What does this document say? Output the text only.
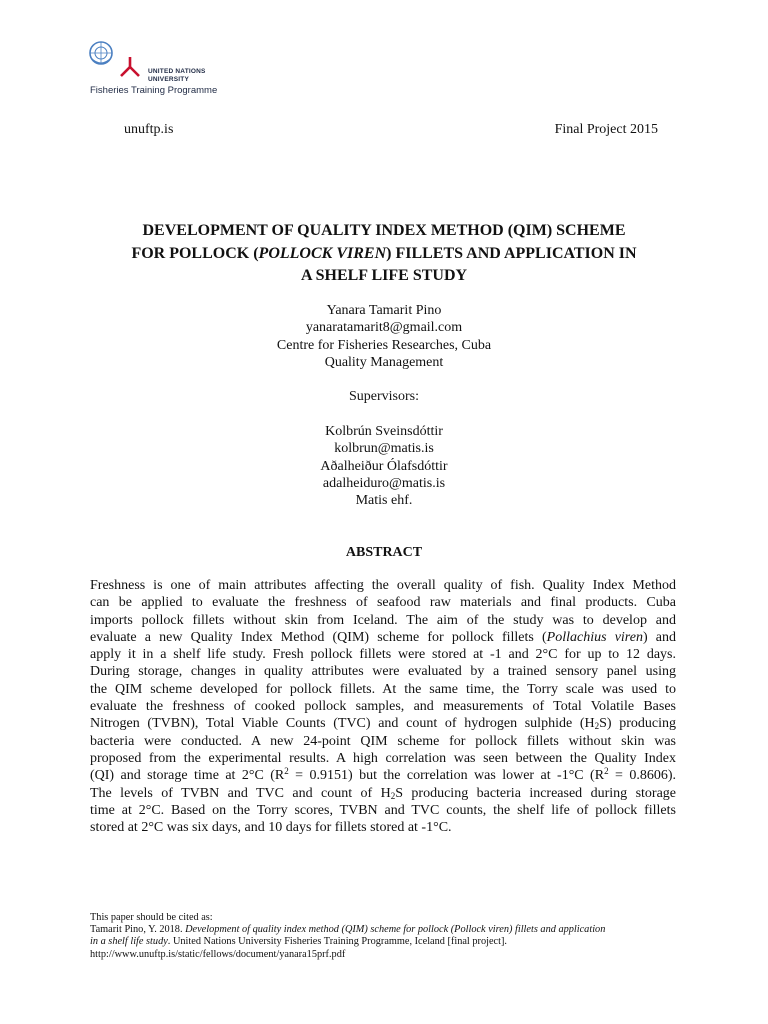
UNITED NATIONS
UNIVERSITY
Fisheries Training Programme
unuftp.is	Final Project 2015
DEVELOPMENT OF QUALITY INDEX METHOD (QIM) SCHEME
FOR POLLOCK (POLLOCK VIREN) FILLETS AND APPLICATION IN
A SHELF LIFE STUDY
Yanara Tamarit Pino
yanaratamarit8@gmail.com
Centre for Fisheries Researches, Cuba
Quality Management
Supervisors:
Kolbrún Sveinsdóttir
kolbrun@matis.is
Aðalheiður Ólafsdóttir
adalheiduro@matis.is
Matis ehf.
ABSTRACT
Freshness is one of main attributes affecting the overall quality of fish. Quality Index Method
can be applied to evaluate the freshness of seafood raw materials and final products. Cuba
imports pollock fillets without skin from Iceland. The aim of the study was to develop and
evaluate a new Quality Index Method (QIM) scheme for pollock fillets (Pollachius viren) and
apply it in a shelf life study. Fresh pollock fillets were stored at -1 and 2°C for up to 12 days.
During storage, changes in quality attributes were evaluated by a trained sensory panel using
the QIM scheme developed for pollock fillets. At the same time, the Torry scale was used to
evaluate the freshness of cooked pollock samples, and measurements of Total Volatile Bases
Nitrogen (TVBN), Total Viable Counts (TVC) and count of hydrogen sulphide $(H_2S)$ producing
bacteria were conducted. A new 24-point QIM scheme for pollock fillets without skin was
proposed from the experimental results. A high correlation was seen between the Quality Index
(QI) and storage time at 2°C $(R^2 = 0.9151)$ but the correlation was lower at -1°C $(R^2 = 0.8606)$.
The levels of TVBN and TVC and count of $H_2S$ producing bacteria increased during storage
time at 2°C. Based on the Torry scores, TVBN and TVC counts, the shelf life of pollock fillets
stored at 2°C was six days, and 10 days for fillets stored at -1°C.
This paper should be cited as:
Tamarit Pino, Y. 2018. Development of quality index method (QIM) scheme for pollock (Pollock viren) fillets and application
in a shelf life study. United Nations University Fisheries Training Programme, Iceland [final project].
http://www.unuftp.is/static/fellows/document/yanara15prf.pdf
